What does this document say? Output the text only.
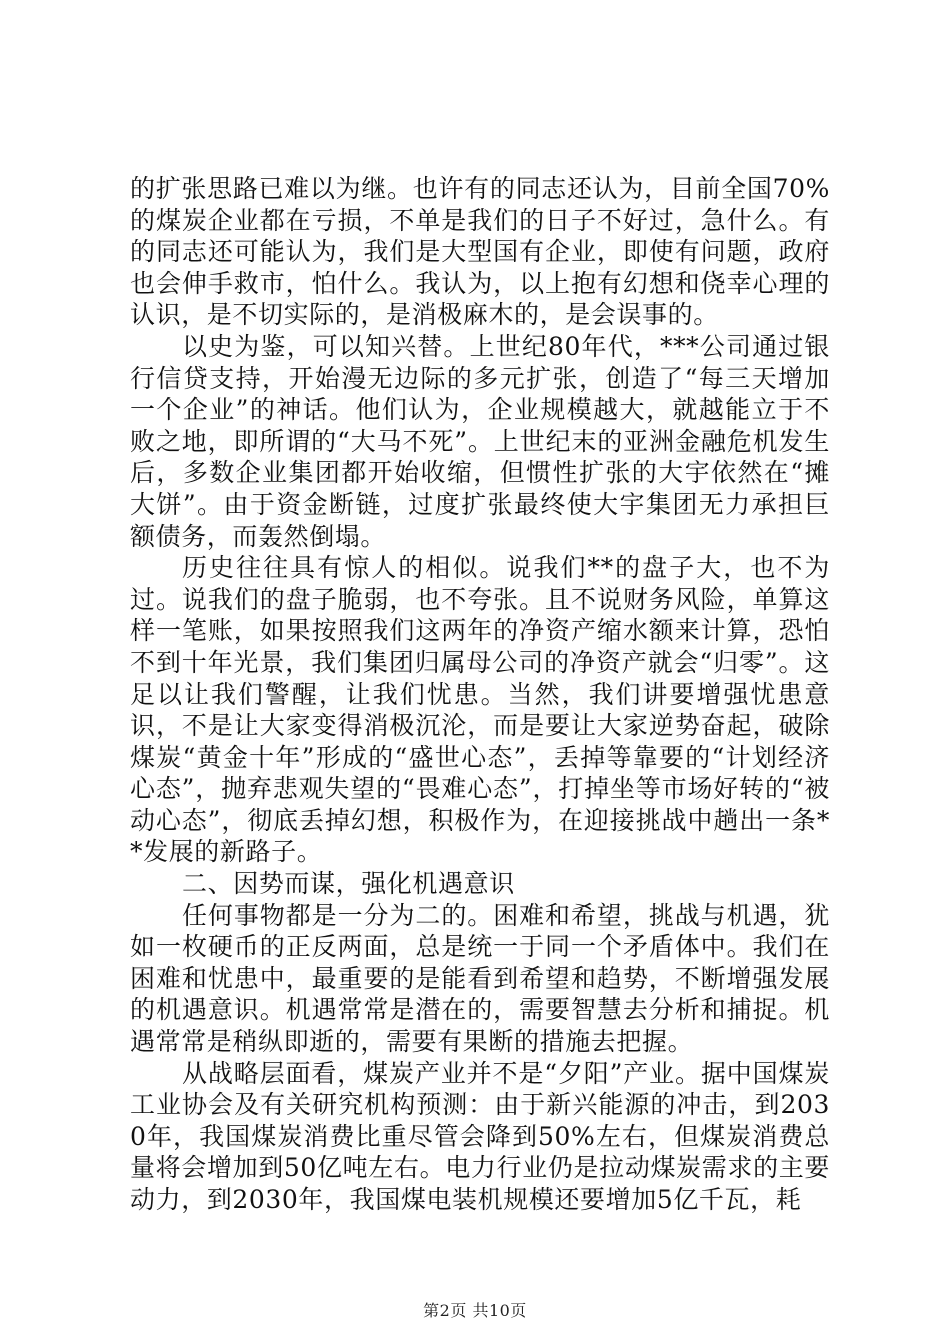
的扩张思路已难以为继。也许有的同志还认为，目前全国70%的煤炭企业都在亏损，不单是我们的日子不好过，急什么。有的同志还可能认为，我们是大型国有企业，即使有问题，政府也会伸手救市，怕什么。我认为，以上抱有幻想和侥幸心理的认识，是不切实际的，是消极麻木的，是会误事的。

以史为鉴，可以知兴替。上世纪80年代，***公司通过银行信贷支持，开始漫无边际的多元扩张，创造了“每三天增加一个企业”的神话。他们认为，企业规模越大，就越能立于不败之地，即所谓的“大马不死”。上世纪末的亚洲金融危机发生后，多数企业集团都开始收缩，但惯性扩张的大宇依然在“摊大饼”。由于资金断链，过度扩张最终使大宇集团无力承担巨额债务，而轰然倒塌。

历史往往具有惊人的相似。说我们**的盘子大，也不为过。说我们的盘子脆弱，也不夸张。且不说财务风险，单算这样一笔账，如果按照我们这两年的净资产缩水额来计算，恐怕不到十年光景，我们集团归属母公司的净资产就会“归零”。这足以让我们警醒，让我们忧患。当然，我们讲要增强忧患意识，不是让大家变得消极沉沦，而是要让大家逆势奋起，破除煤炭“黄金十年”形成的“盛世心态”，丢掉等靠要的“计划经济心态”，抛弃悲观失望的“畏难心态”，打掉坐等市场好转的“被动心态”，彻底丢掉幻想，积极作为，在迎接挑战中趟出一条**发展的新路子。

二、因势而谋，强化机遇意识

任何事物都是一分为二的。困难和希望，挑战与机遇，犹如一枚硬币的正反两面，总是统一于同一个矛盾体中。我们在困难和忧患中，最重要的是能看到希望和趋势，不断增强发展的机遇意识。机遇常常是潜在的，需要智慧去分析和捕捉。机遇常常是稍纵即逝的，需要有果断的措施去把握。

从战略层面看，煤炭产业并不是“夕阳”产业。据中国煤炭工业协会及有关研究机构预测：由于新兴能源的冲击，到2030年，我国煤炭消费比重尽管会降到50%左右，但煤炭消费总量将会增加到50亿吨左右。电力行业仍是拉动煤炭需求的主要动力，到2030年，我国煤电装机规模还要增加5亿千瓦，耗

第2页 共10页
